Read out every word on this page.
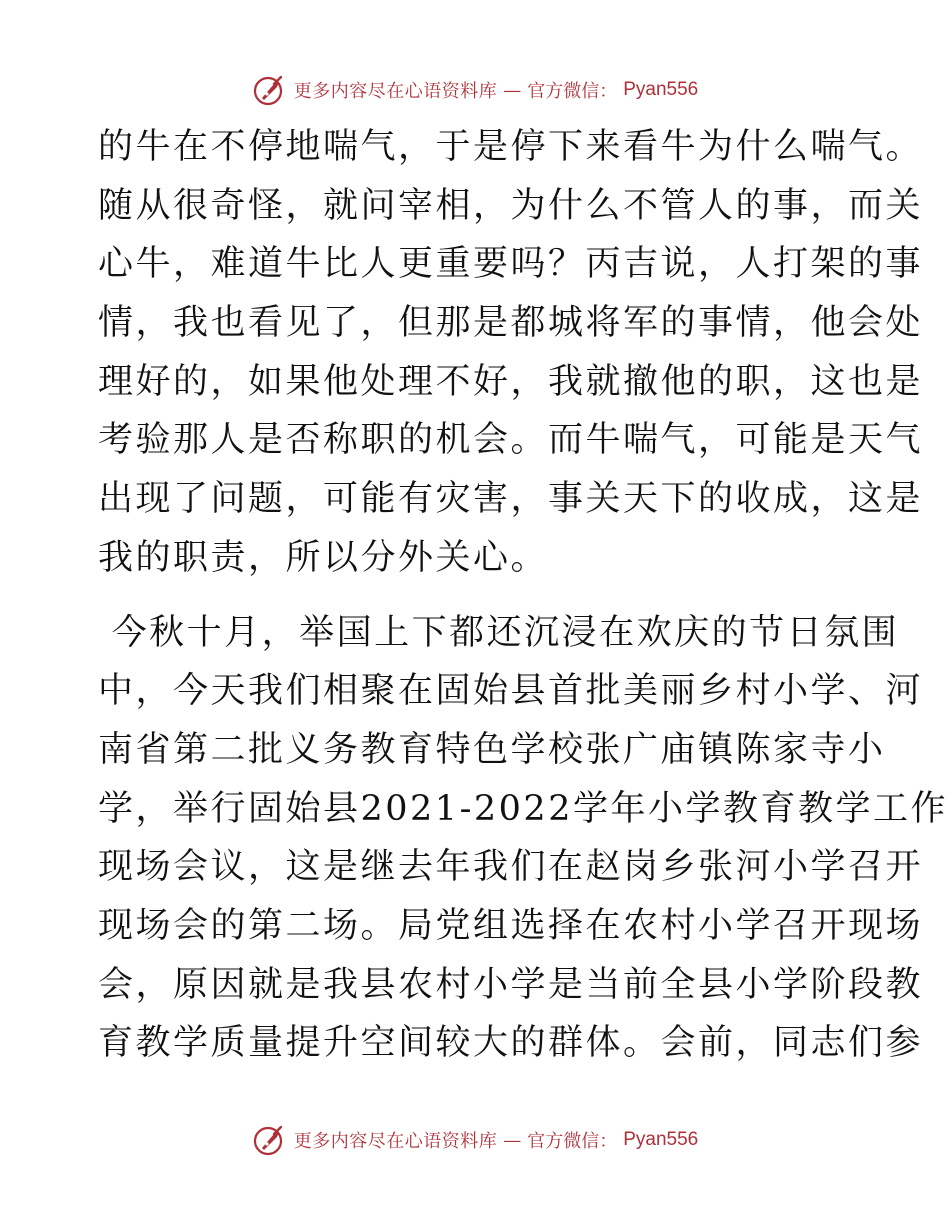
更多内容尽在心语资料库 — 官方微信： Pyan556
的牛在不停地喘气，于是停下来看牛为什么喘气。
随从很奇怪，就问宰相，为什么不管人的事，而关
心牛，难道牛比人更重要吗？丙吉说，人打架的事
情，我也看见了，但那是都城将军的事情，他会处
理好的，如果他处理不好，我就撤他的职，这也是
考验那人是否称职的机会。而牛喘气，可能是天气
出现了问题，可能有灾害，事关天下的收成，这是
我的职责，所以分外关心。
今秋十月，举国上下都还沉浸在欢庆的节日氛围
中，今天我们相聚在固始县首批美丽乡村小学、河
南省第二批义务教育特色学校张广庙镇陈家寺小
学，举行固始县2021-2022学年小学教育教学工作
现场会议，这是继去年我们在赵岗乡张河小学召开
现场会的第二场。局党组选择在农村小学召开现场
会，原因就是我县农村小学是当前全县小学阶段教
育教学质量提升空间较大的群体。会前，同志们参
更多内容尽在心语资料库 — 官方微信： Pyan556
